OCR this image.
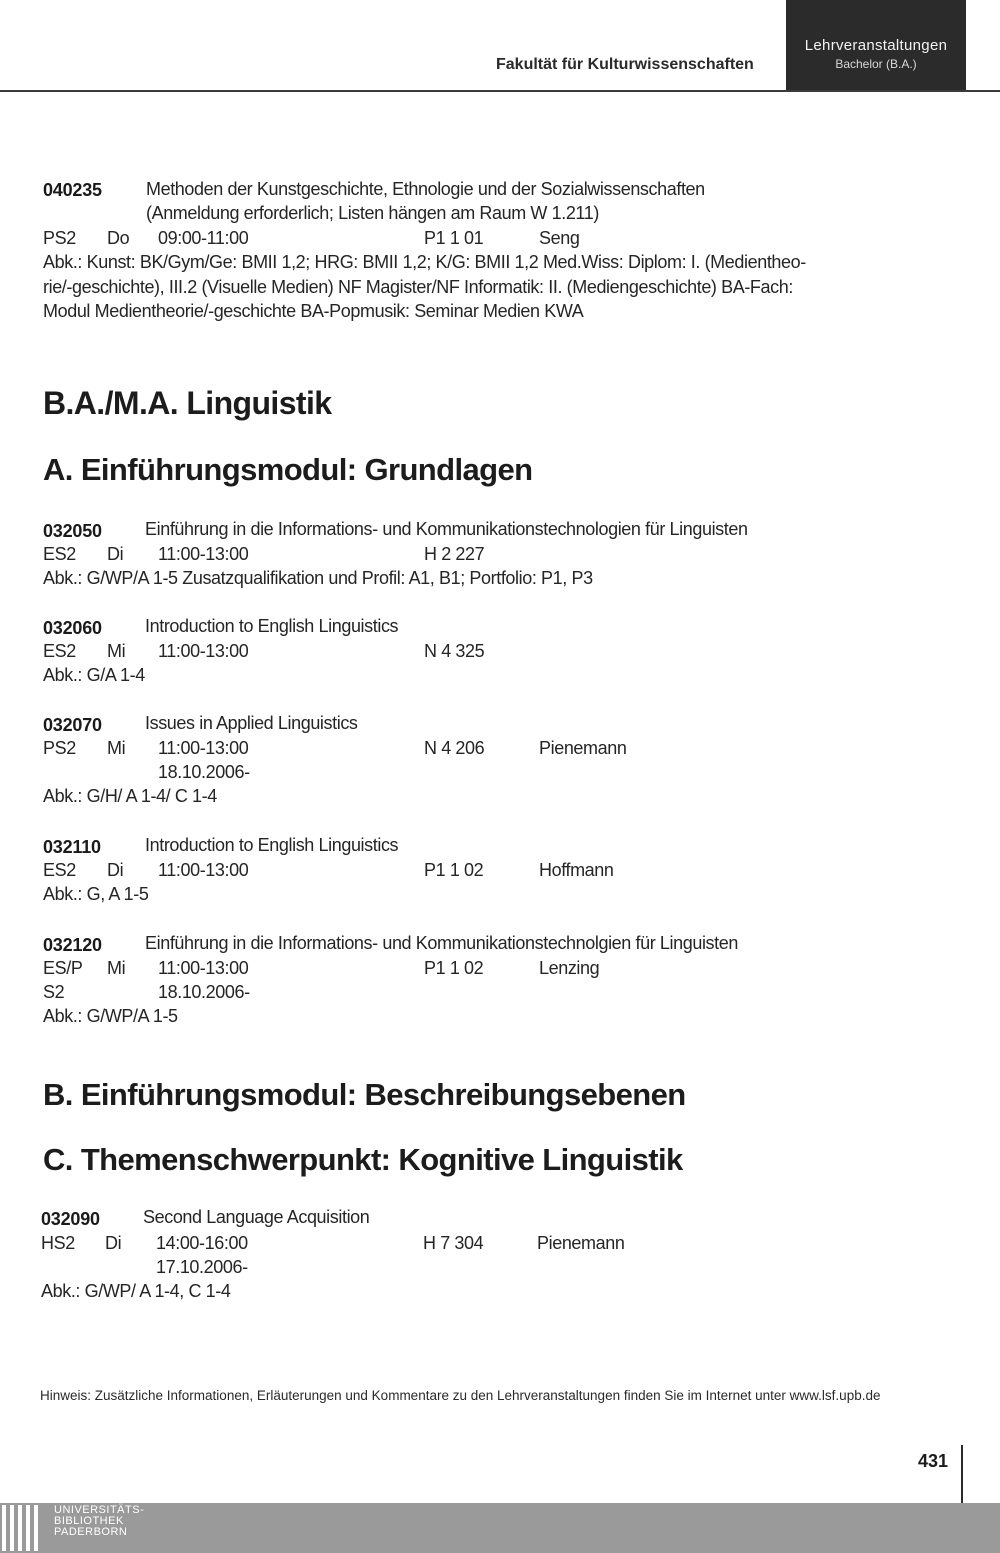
Fakultät für Kulturwissenschaften
Lehrveranstaltungen
Bachelor (B.A.)
040235 Methoden der Kunstgeschichte, Ethnologie und der Sozialwissenschaften
(Anmeldung erforderlich; Listen hängen am Raum W 1.211)
PS2 Do 09:00-11:00	P1 1 01	Seng
Abk.: Kunst: BK/Gym/Ge: BMII 1,2; HRG: BMII 1,2; K/G: BMII 1,2 Med.Wiss: Diplom: I. (Medientheo-
rie/-geschichte), III.2 (Visuelle Medien) NF Magister/NF Informatik: II. (Mediengeschichte) BA-Fach:
Modul Medientheorie/-geschichte BA-Popmusik: Seminar Medien KWA
B.A./M.A. Linguistik
A. Einführungsmodul: Grundlagen
032050 Einführung in die Informations- und Kommunikationstechnologien für Linguisten
ES2 Di 11:00-13:00	H 2 227
Abk.: G/WP/A 1-5 Zusatzqualifikation und Profil: A1, B1; Portfolio: P1, P3
032060 Introduction to English Linguistics
ES2 Mi 11:00-13:00	N 4 325
Abk.: G/A 1-4
032070 Issues in Applied Linguistics
PS2 Mi 11:00-13:00	N 4 206	Pienemann
18.10.2006-
Abk.: G/H/ A 1-4/ C 1-4
032110 Introduction to English Linguistics
ES2 Di 11:00-13:00	P1 1 02	Hoffmann
Abk.: G, A 1-5
032120 Einführung in die Informations- und Kommunikationstechnolgien für Linguisten
ES/P Mi 11:00-13:00	P1 1 02	Lenzing
S2	18.10.2006-
Abk.: G/WP/A 1-5
B. Einführungsmodul: Beschreibungsebenen
C. Themenschwerpunkt: Kognitive Linguistik
032090 Second Language Acquisition
HS2 Di 14:00-16:00	H 7 304	Pienemann
17.10.2006-
Abk.: G/WP/ A 1-4, C 1-4
Hinweis: Zusätzliche Informationen, Erläuterungen und Kommentare zu den Lehrveranstaltungen finden Sie im Internet unter www.lsf.upb.de
431
UNIVERSITÄTS-
BIBLIOTHEK
PADERBORN
